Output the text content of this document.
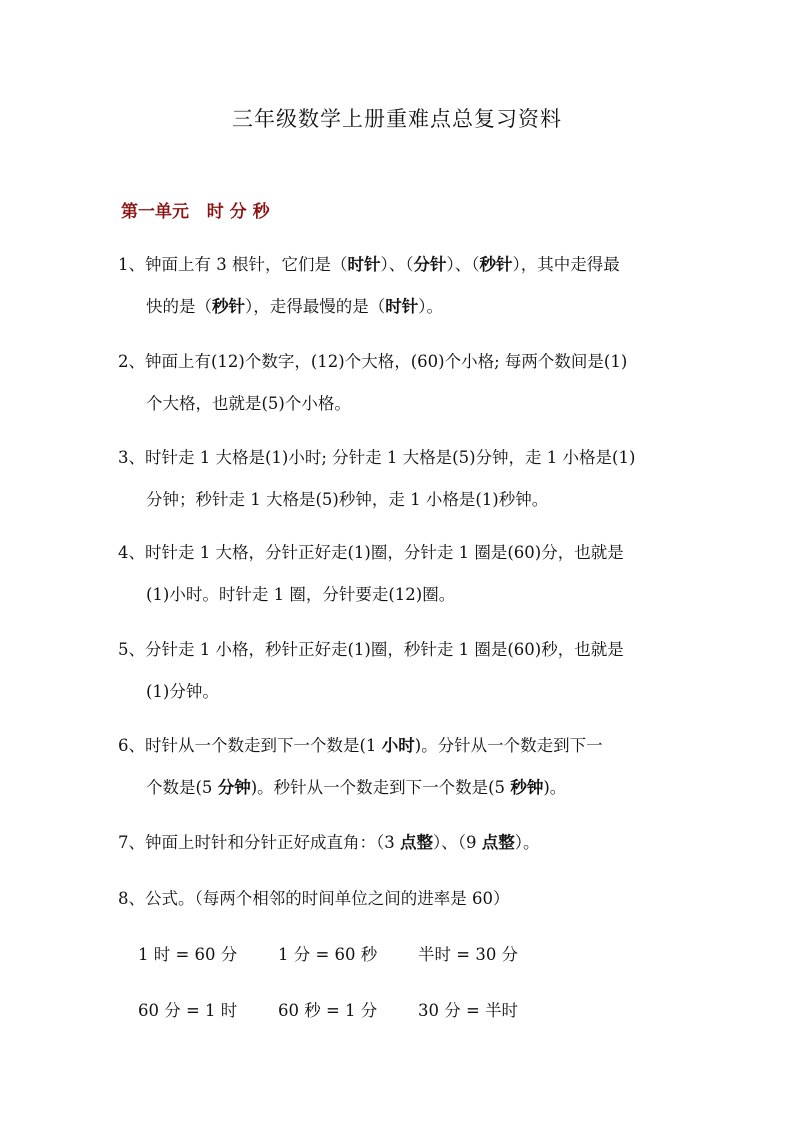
三年级数学上册重难点总复习资料
第一单元   时 分 秒
1、钟面上有 3 根针，它们是（时针）、（分针）、（秒针），其中走得最
快的是（秒针），走得最慢的是（时针）。
2、钟面上有(12)个数字，(12)个大格，(60)个小格; 每两个数间是(1)
个大格，也就是(5)个小格。
3、时针走 1 大格是(1)小时; 分针走 1 大格是(5)分钟，走 1 小格是(1)
分钟；秒针走 1 大格是(5)秒钟，走 1 小格是(1)秒钟。
4、时针走 1 大格，分针正好走(1)圈，分针走 1 圈是(60)分，也就是
(1)小时。时针走 1 圈，分针要走(12)圈。
5、分针走 1 小格，秒针正好走(1)圈，秒针走 1 圈是(60)秒，也就是
(1)分钟。
6、时针从一个数走到下一个数是(1 小时)。分针从一个数走到下一
个数是(5 分钟)。秒针从一个数走到下一个数是(5 秒钟)。
7、钟面上时针和分针正好成直角：（3 点整）、（9 点整）。
8、公式。（每两个相邻的时间单位之间的进率是 60）
1 时 = 60 分 1 分 = 60 秒 半时 = 30 分
60 分 = 1 时 60 秒 = 1 分 30 分 = 半时
